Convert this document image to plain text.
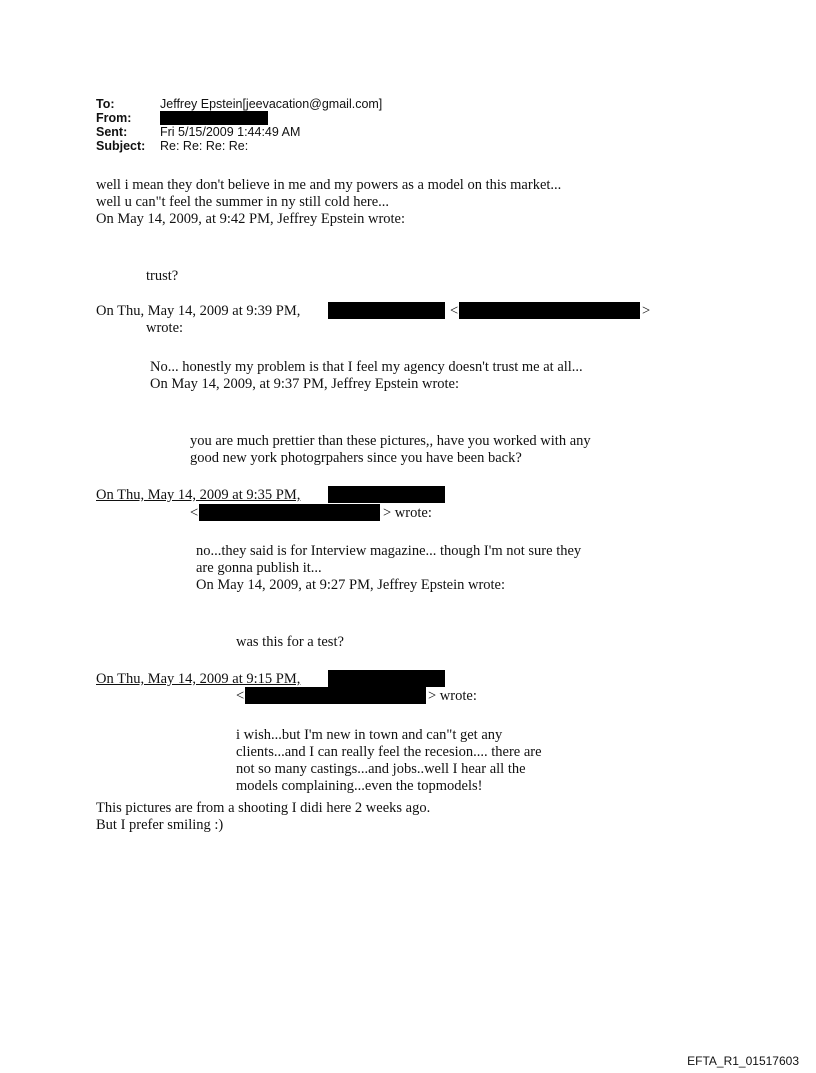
To:	Jeffrey Epstein[jeevacation@gmail.com]
From:
Sent:	Fri 5/15/2009 1:44:49 AM
Subject: Re: Re: Re: Re:
well i mean they don't believe in me and my powers as a model on this market...
well u can"t feel the summer in ny still cold here...
On May 14, 2009, at 9:42 PM, Jeffrey Epstein wrote:
trust?
On Thu, May 14, 2009 at 9:39 PM,	<	>
wrote:
No... honestly my problem is that I feel my agency doesn't trust me at all...
On May 14, 2009, at 9:37 PM, Jeffrey Epstein wrote:
you are much prettier than these pictures,, have you worked with any
good new york photogrpahers since you have been back?
On Thu, May 14, 2009 at 9:35 PM,
<	> wrote:
no...they said is for Interview magazine... though I'm not sure they
are gonna publish it...
On May 14, 2009, at 9:27 PM, Jeffrey Epstein wrote:
was this for a test?
On Thu, May 14, 2009 at 9:15 PM,
<	> wrote:
i wish...but I'm new in town and can"t get any
clients...and I can really feel the recesion.... there are
not so many castings...and jobs..well I hear all the
models complaining...even the topmodels!
This pictures are from a shooting I didi here 2 weeks ago.
But I prefer smiling :)
EFTA_R1_01517603
